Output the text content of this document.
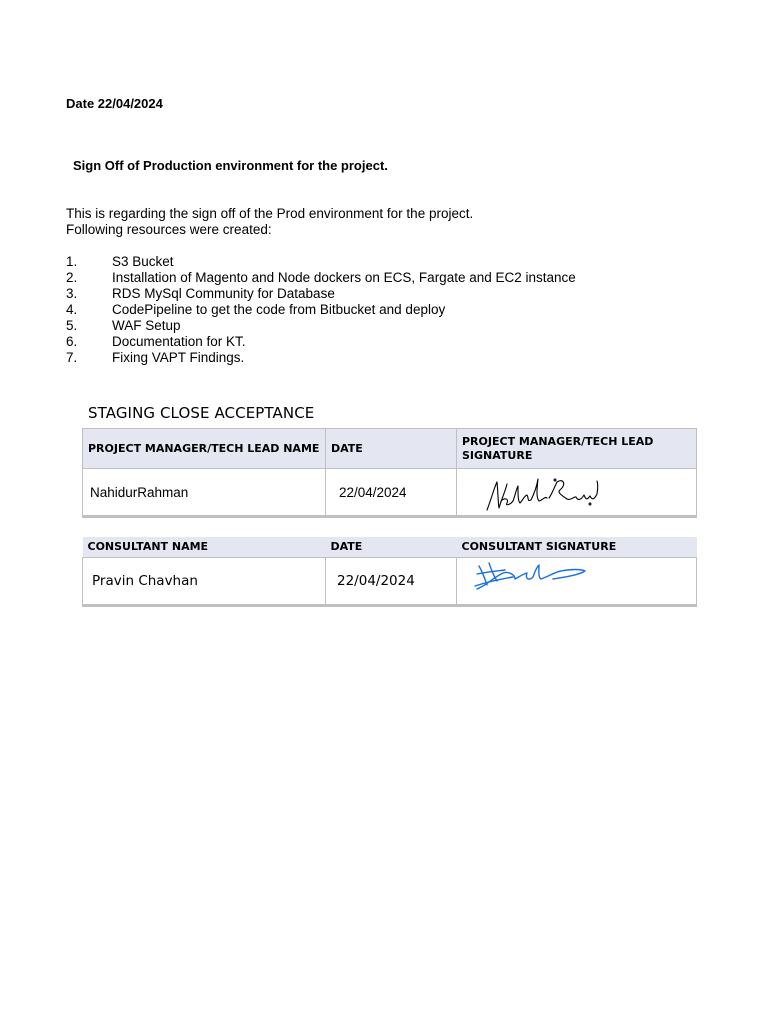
Date 22/04/2024
Sign Off of Production environment for the project.
This is regarding the sign off of the Prod environment for the project.
Following resources were created:
1.	S3 Bucket
2.	Installation of Magento and Node dockers on ECS, Fargate and EC2 instance
3.	RDS MySql Community for Database
4.	CodePipeline to get the code from Bitbucket and deploy
5.	WAF Setup
6.	Documentation for KT.
7.	Fixing VAPT Findings.
STAGING CLOSE ACCEPTANCE
PROJECT MANAGER/TECH LEAD NAME	DATE	PROJECT MANAGER/TECH LEAD SIGNATURE
NahidurRahman	22/04/2024	
CONSULTANT NAME	DATE	CONSULTANT SIGNATURE
Pravin Chavhan	22/04/2024	
